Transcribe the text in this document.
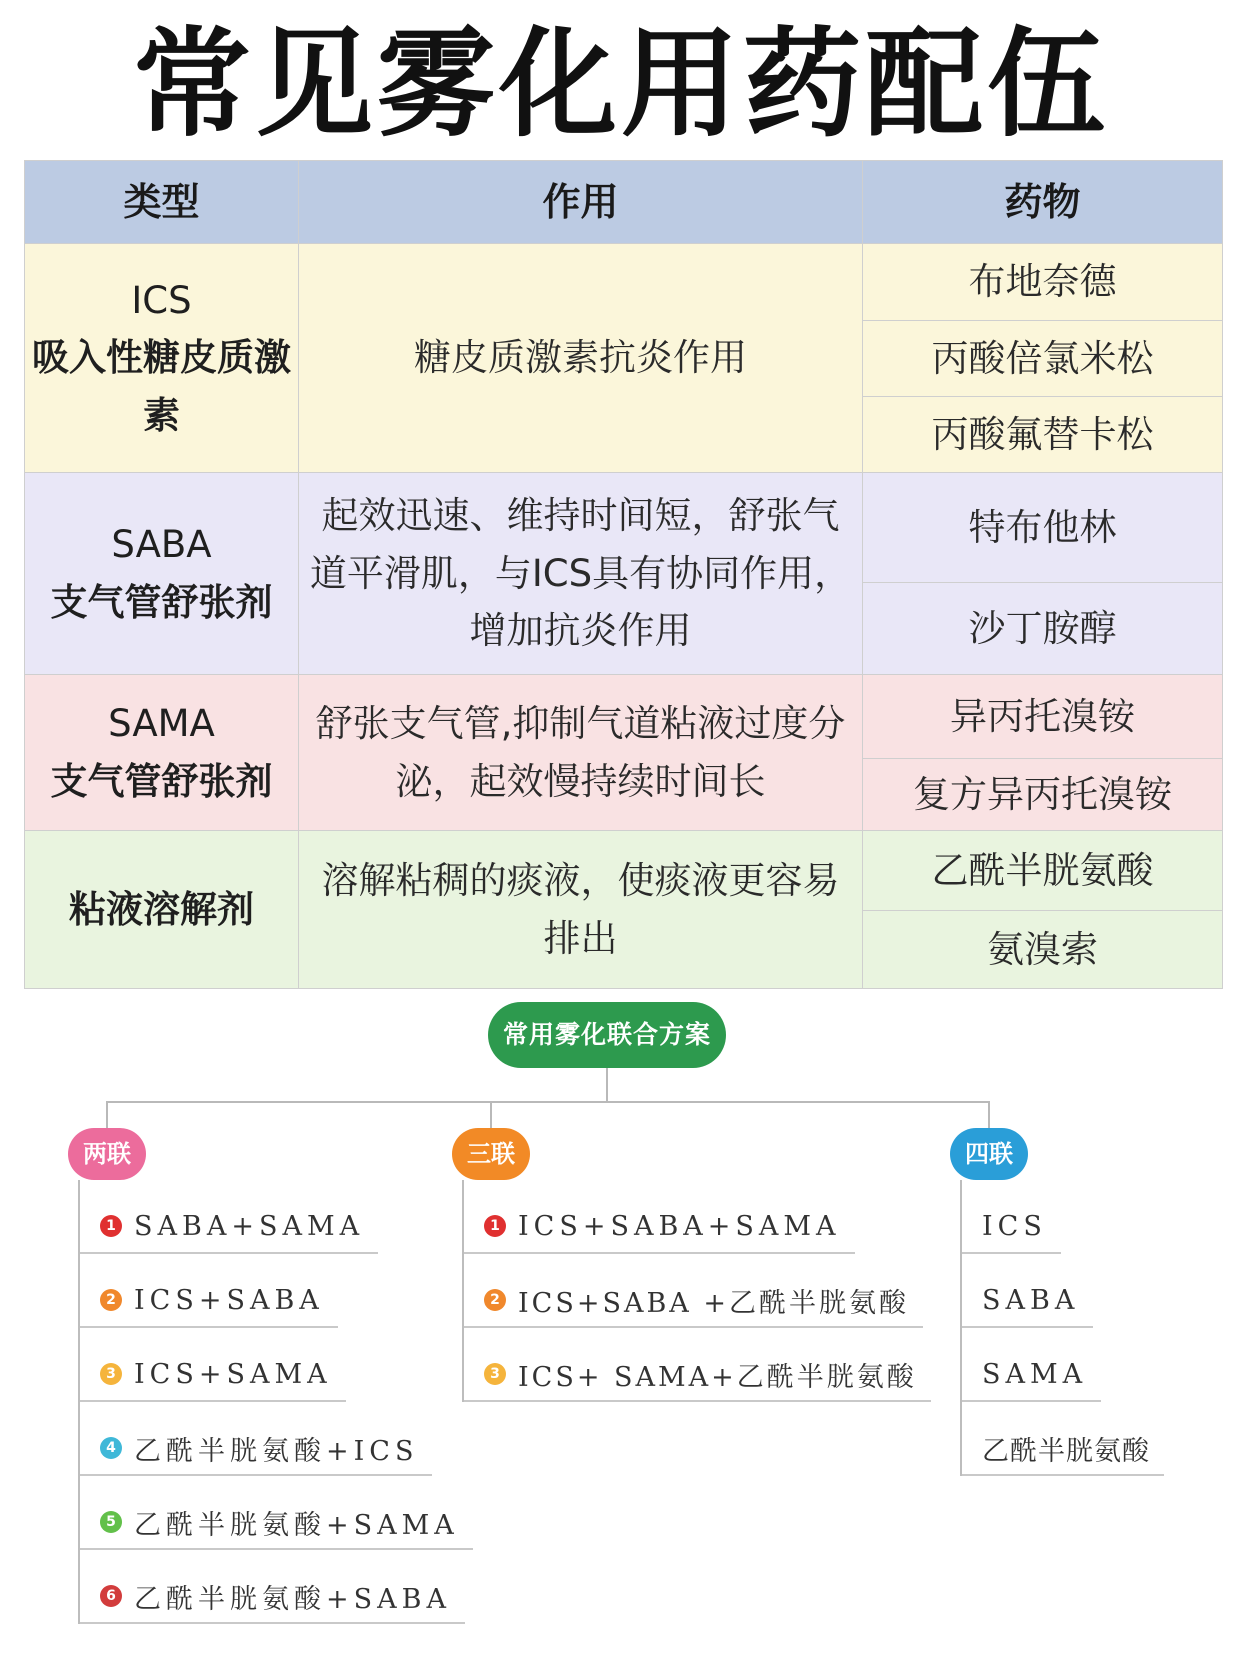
常见雾化用药配伍
类型	作用	药物

ICS
吸入性糖皮质激素	糖皮质激素抗炎作用	布地奈德
		丙酸倍氯米松
		丙酸氟替卡松

SABA
支气管舒张剂	起效迅速、维持时间短，舒张气道平滑肌，与ICS具有协同作用，增加抗炎作用	特布他林
		沙丁胺醇

SAMA
支气管舒张剂	舒张支气管,抑制气道粘液过度分泌，起效慢持续时间长	异丙托溴铵
		复方异丙托溴铵
粘液溶解剂	溶解粘稠的痰液，使痰液更容易排出	乙酰半胱氨酸
		氨溴索
常用雾化联合方案
两联	三联	四联
1 SABA+SAMA
2 ICS+SABA
3 ICS+SAMA
4 乙酰半胱氨酸+ICS
5 乙酰半胱氨酸+SAMA
6 乙酰半胱氨酸+SABA
1 ICS+SABA+SAMA
2 ICS+SABA +乙酰半胱氨酸
3 ICS+ SAMA+乙酰半胱氨酸
ICS
SABA
SAMA
乙酰半胱氨酸
